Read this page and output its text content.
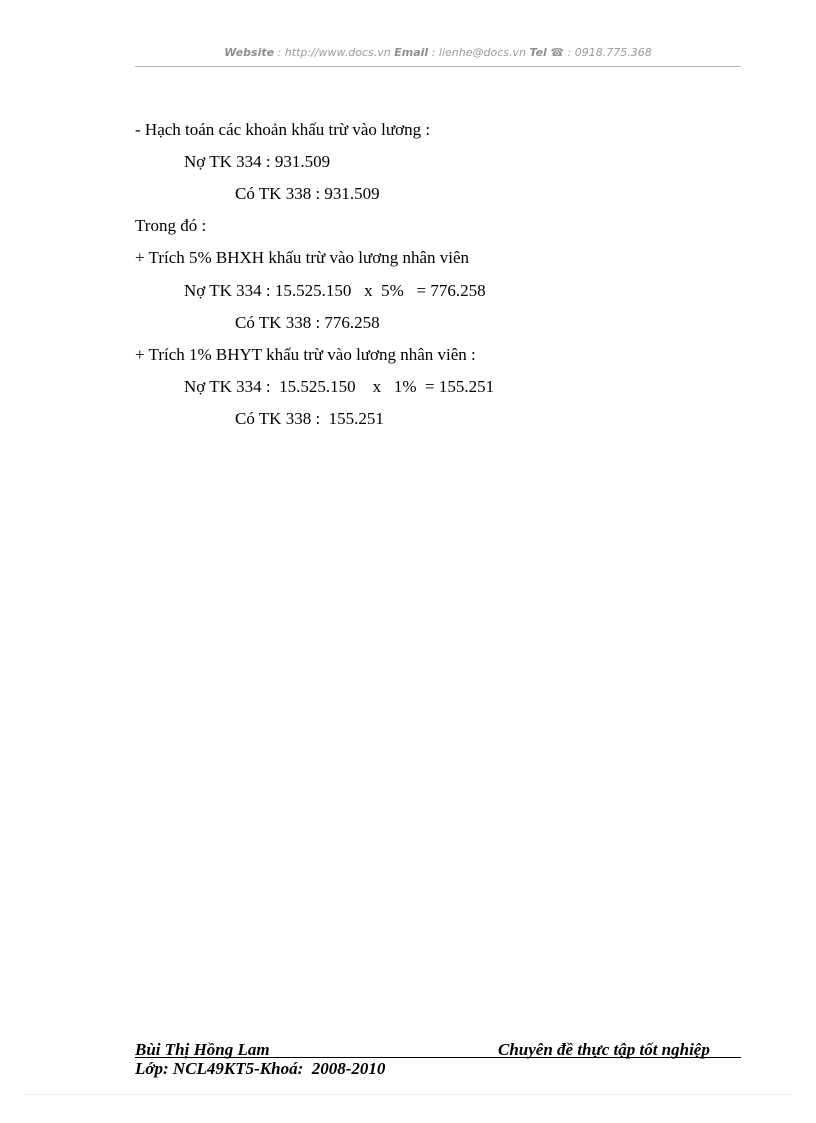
Website : http://www.docs.vn Email : lienhe@docs.vn Tel ☎ : 0918.775.368
- Hạch toán các khoản khấu trừ vào lương :
Nợ TK 334 : 931.509
Có TK 338 : 931.509
Trong đó :
+ Trích 5% BHXH khấu trừ vào lương nhân viên
Nợ TK 334 : 15.525.150   x  5%   = 776.258
Có TK 338 : 776.258
+ Trích 1% BHYT khấu trừ vào lương nhân viên :
Nợ TK 334 :  15.525.150    x   1%  = 155.251
Có TK 338 :  155.251
Bùi Thị Hồng Lam	Chuyên đề thực tập tốt nghiệp
Lớp: NCL49KT5-Khoá:  2008-2010
